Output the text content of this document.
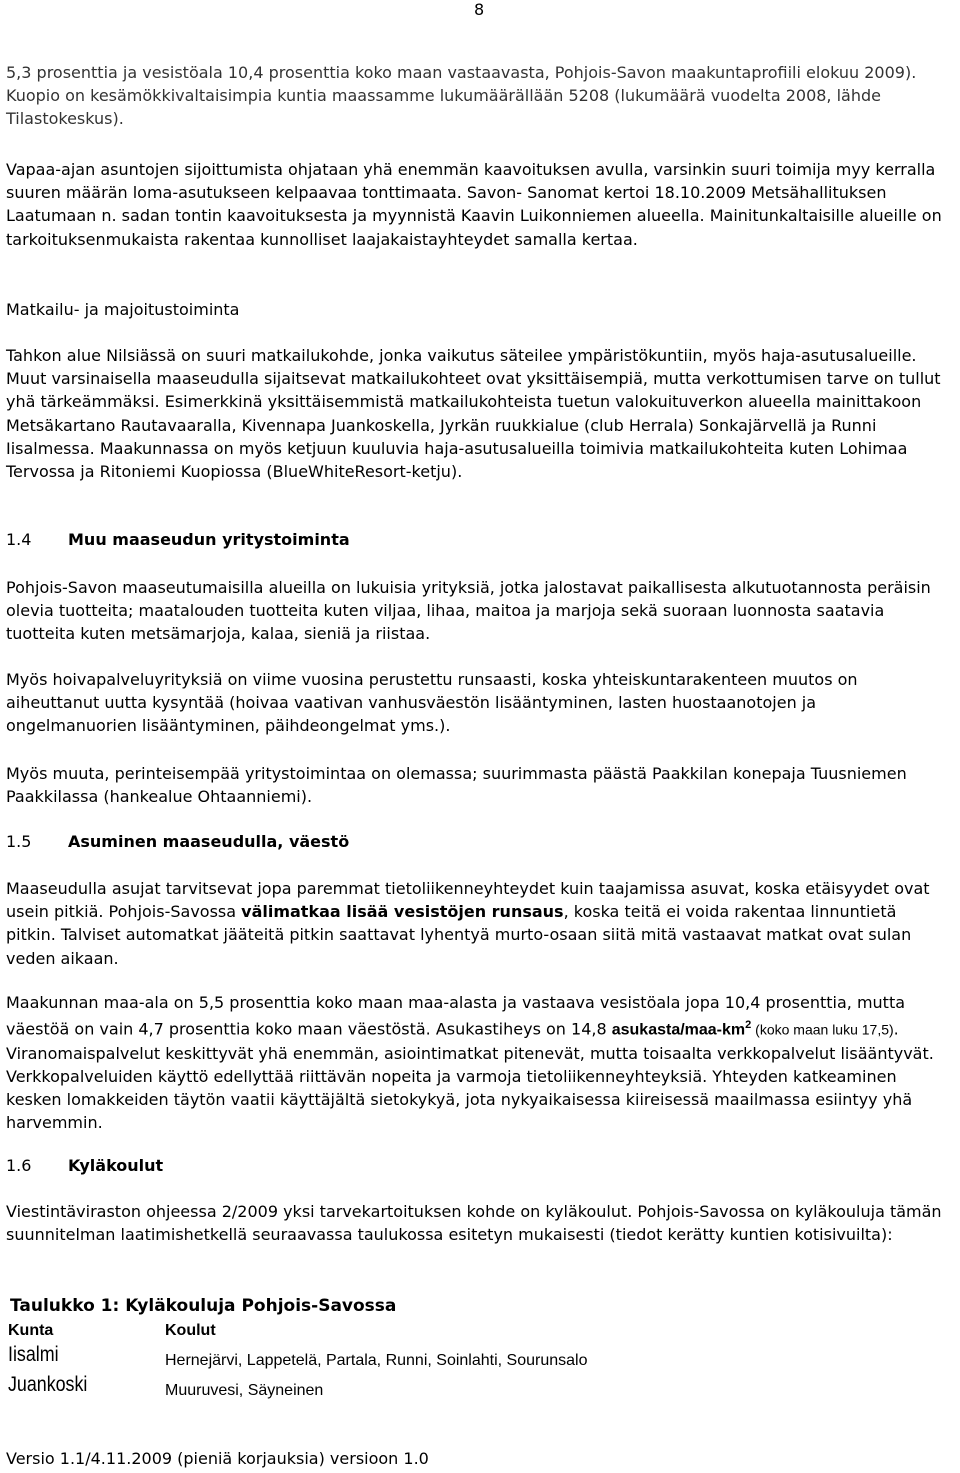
8

5,3 prosenttia ja vesistöala 10,4 prosenttia koko maan vastaavasta, Pohjois-Savon maakuntaprofiili elokuu 2009). Kuopio on kesämökkivaltaisimpia kuntia maassamme lukumäärällään 5208 (lukumäärä vuodelta 2008, lähde Tilastokeskus).

Vapaa-ajan asuntojen sijoittumista ohjataan yhä enemmän kaavoituksen avulla, varsinkin suuri toimija myy kerralla suuren määrän loma-asutukseen kelpaavaa tonttimaata. Savon- Sanomat kertoi 18.10.2009 Metsähallituksen Laatumaan n. sadan tontin kaavoituksesta ja myynnistä Kaavin Luikonniemen alueella. Mainitunkaltaisille alueille on tarkoituksenmukaista rakentaa kunnolliset laajakaistayhteydet samalla kertaa.

Matkailu- ja majoitustoiminta

Tahkon alue Nilsiässä on suuri matkailukohde, jonka vaikutus säteilee ympäristökuntiin, myös haja-asutusalueille. Muut varsinaisella maaseudulla sijaitsevat matkailukohteet ovat yksittäisempiä, mutta verkottumisen tarve on tullut yhä tärkeämmäksi. Esimerkkinä yksittäisemmistä matkailukohteista tuetun valokuituverkon alueella mainittakoon Metsäkartano Rautavaaralla, Kivennapa Juankoskella, Jyrkän ruukkialue (club Herrala) Sonkajärvellä ja Runni Iisalmessa. Maakunnassa on myös ketjuun kuuluvia haja-asutusalueilla toimivia matkailukohteita kuten Lohimaa Tervossa ja Ritoniemi Kuopiossa (BlueWhiteResort-ketju).

1.4 Muu maaseudun yritystoiminta

Pohjois-Savon maaseutumaisilla alueilla on lukuisia yrityksiä, jotka jalostavat paikallisesta alkutuotannosta peräisin olevia tuotteita; maatalouden tuotteita kuten viljaa, lihaa, maitoa ja marjoja sekä suoraan luonnosta saatavia tuotteita kuten metsämarjoja, kalaa, sieniä ja riistaa.

Myös hoivapalveluyrityksiä on viime vuosina perustettu runsaasti, koska yhteiskuntarakenteen muutos on aiheuttanut uutta kysyntää (hoivaa vaativan vanhusväestön lisääntyminen, lasten huostaanotojen ja ongelmanuorien lisääntyminen, päihdeongelmat yms.).

Myös muuta, perinteisempää yritystoimintaa on olemassa; suurimmasta päästä Paakkilan konepaja Tuusniemen Paakkilassa (hankealue Ohtaanniemi).

1.5 Asuminen maaseudulla, väestö

Maaseudulla asujat tarvitsevat jopa paremmat tietoliikenneyhteydet kuin taajamissa asuvat, koska etäisyydet ovat usein pitkiä. Pohjois-Savossa välimatkaa lisää vesistöjen runsaus, koska teitä ei voida rakentaa linnuntietä pitkin. Talviset automatkat jääteitä pitkin saattavat lyhentyä murto-osaan siitä mitä vastaavat matkat ovat sulan veden aikaan.

Maakunnan maa-ala on 5,5 prosenttia koko maan maa-alasta ja vastaava vesistöala jopa 10,4 prosenttia, mutta väestöä on vain 4,7 prosenttia koko maan väestöstä. Asukastiheys on 14,8 asukasta/$maa-km^2$ (koko maan luku 17,5). Viranomaispalvelut keskittyvät yhä enemmän, asiointimatkat pitenevät, mutta toisaalta verkkopalvelut lisääntyvät. Verkkopalveluiden käyttö edellyttää riittävän nopeita ja varmoja tietoliikenneyhteyksiä. Yhteyden katkeaminen kesken lomakkeiden täytön vaatii käyttäjältä sietokykyä, jota nykyaikaisessa kiireisessä maailmassa esiintyy yhä harvemmin.

1.6 Kyläkoulut

Viestintäviraston ohjeessa 2/2009 yksi tarvekartoituksen kohde on kyläkoulut. Pohjois-Savossa on kyläkouluja tämän suunnitelman laatimishetkellä seuraavassa taulukossa esitetyn mukaisesti (tiedot kerätty kuntien kotisivuilta):

Taulukko 1: Kyläkouluja Pohjois-Savossa
Kunta	Koulut
Iisalmi	Hernejärvi, Lappetelä, Partala, Runni, Soinlahti, Sourunsalo
Juankoski	Muuruvesi, Säyneinen
Versio 1.1/4.11.2009 (pieniä korjauksia) versioon 1.0
